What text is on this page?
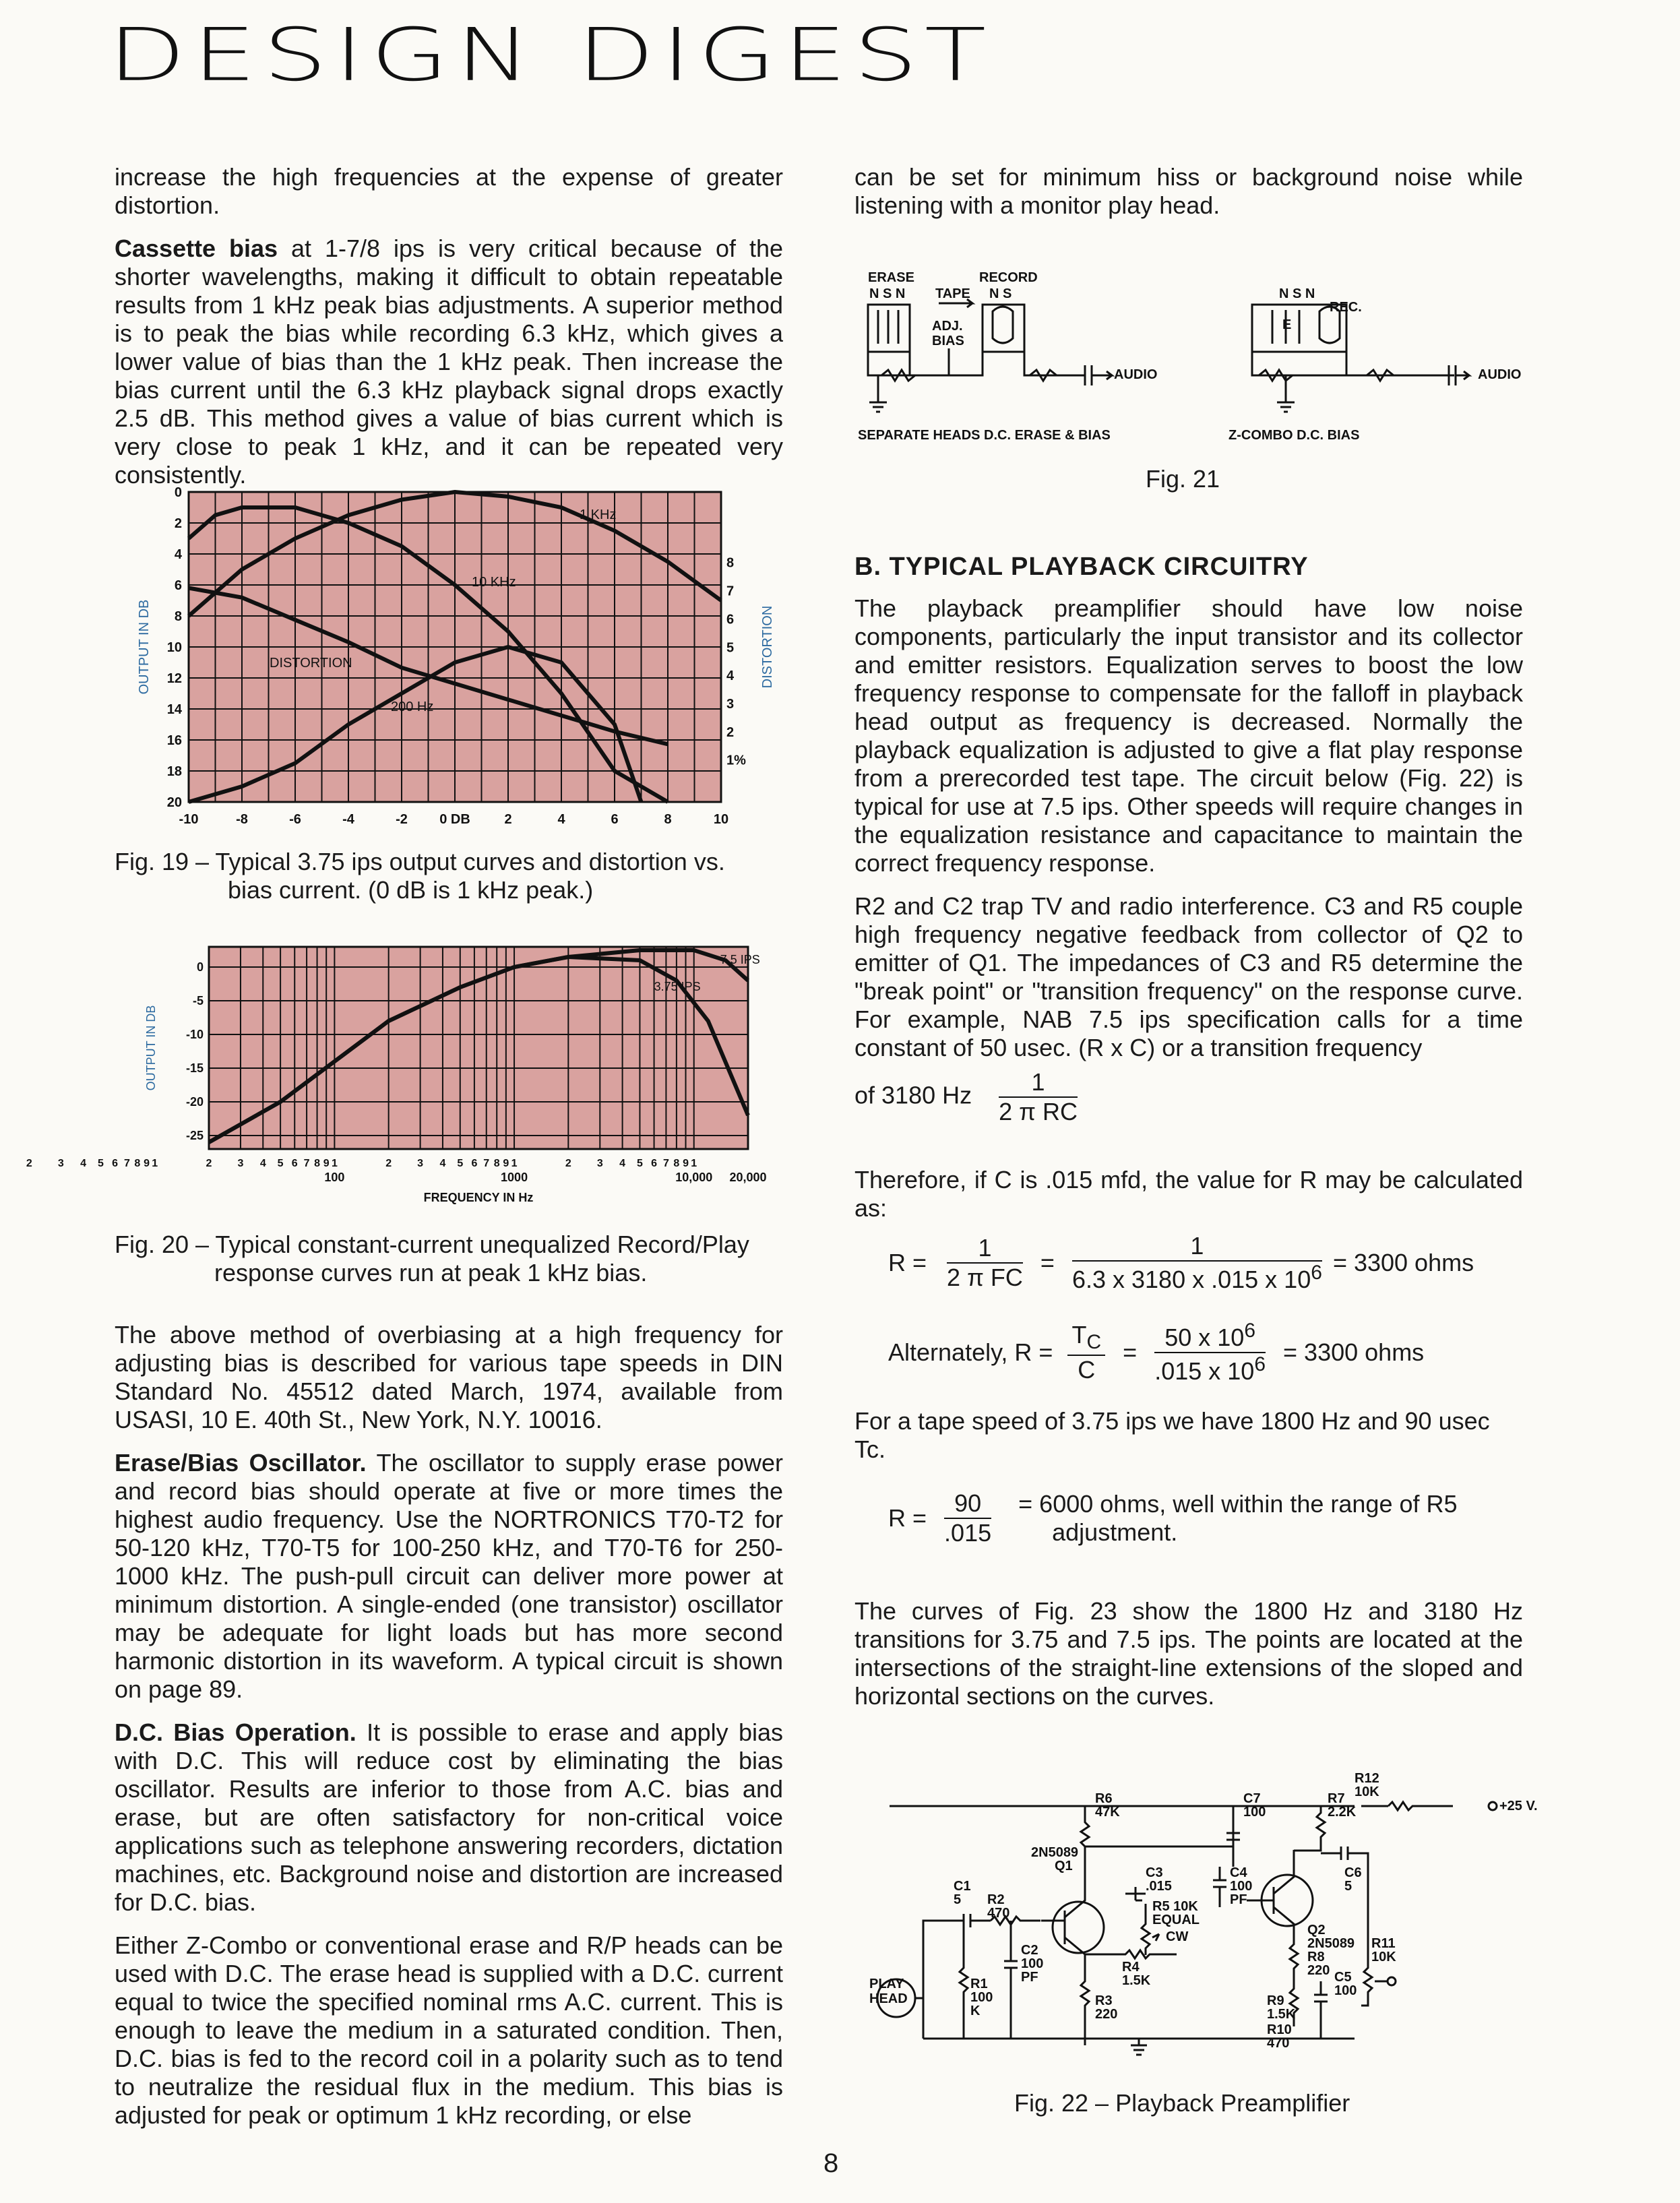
DESIGN DIGEST

increase the high frequencies at the expense of greater distortion.

Cassette bias at 1-7/8 ips is very critical because of the shorter wavelengths, making it difficult to obtain repeatable results from 1 kHz peak bias adjustments. A superior method is to peak the bias while recording 6.3 kHz, which gives a lower value of bias than the 1 kHz peak. Then increase the bias current until the 6.3 kHz playback signal drops exactly 2.5 dB. This method gives a value of bias current which is very close to peak 1 kHz, and it can be repeated very consistently.

-10	-8	-6	-4	-2 0 DB	2	4	6	8	10
0
2
4
6
8
10
12
14
16
18
20
8
7
6
5
4
3
2
1%
OUTPUT IN DB	DISTORTION
1 KHz
10 KHz
200 Hz
DISTORTION
Fig. 19 – Typical 3.75 ips output curves and distortion vs.
bias current. (0 dB is 1 kHz peak.)
0
-5
-10
-15
-20
-25
2 3 4 5 6 7 8 9 1	2 3 4 5 6 7 8 9 1	2 3 4 5 6 7 8 9 1	2 3 4 5 6 7 8 9 1
100	1000	10,000 20,000
FREQUENCY IN Hz
OUTPUT IN DB
7.5 IPS
3.75 IPS
Fig. 20 – Typical constant-current unequalized Record/Play
response curves run at peak 1 kHz bias.

The above method of overbiasing at a high frequency for adjusting bias is described for various tape speeds in DIN Standard No. 45512 dated March, 1974, available from USASI, 10 E. 40th St., New York, N.Y. 10016.

Erase/Bias Oscillator. The oscillator to supply erase power and record bias should operate at five or more times the highest audio frequency. Use the NORTRONICS T70-T2 for 50-120 kHz, T70-T5 for 100-250 kHz, and T70-T6 for 250-1000 kHz. The push-pull circuit can deliver more power at minimum distortion. A single-ended (one transistor) oscillator may be adequate for light loads but has more second harmonic distortion in its waveform. A typical circuit is shown on page 89.

D.C. Bias Operation. It is possible to erase and apply bias with D.C. This will reduce cost by eliminating the bias oscillator. Results are inferior to those from A.C. bias and erase, but are often satisfactory for non-critical voice applications such as telephone answering recorders, dictation machines, etc. Background noise and distortion are increased for D.C. bias.

Either Z-Combo or conventional erase and R/P heads can be used with D.C. The erase head is supplied with a D.C. current equal to twice the specified nominal rms A.C. current. This is enough to leave the medium in a saturated condition. Then, D.C. bias is fed to the record coil in a polarity such as to tend to neutralize the residual flux in the medium. This bias is adjusted for peak or optimum 1 kHz recording, or else

can be set for minimum hiss or background noise while listening with a monitor play head.

ERASE	RECORD
N S N TAPE N S
ADJ.
BIAS
AUDIO
SEPARATE HEADS D.C. ERASE & BIAS
N S N
E
REC.
AUDIO
Z-COMBO D.C. BIAS
Fig. 21

B. TYPICAL PLAYBACK CIRCUITRY

The playback preamplifier should have low noise components, particularly the input transistor and its collector and emitter resistors. Equalization serves to boost the low frequency response to compensate for the falloff in playback head output as frequency is decreased. Normally the playback equalization is adjusted to give a flat play response from a prerecorded test tape. The circuit below (Fig. 22) is typical for use at 7.5 ips. Other speeds will require changes in the equalization resistance and capacitance to maintain the correct frequency response.

R2 and C2 trap TV and radio interference. C3 and R5 couple high frequency negative feedback from collector of Q2 to emitter of Q1. The impedances of C3 and R5 determine the "break point" or "transition frequency" on the response curve. For example, NAB 7.5 ips specification calls for a time constant of 50 usec. (R x C) or a transition frequency

of 3180 Hz $\frac{1}{\text{2 π RC}}$

Therefore, if C is .015 mfd, the value for R may be calculated as:

$R = \frac{1}{\text{2 π FC}} = \frac{1}{6.3 x 3180 x .015 x 10^6} = 3300$ ohms
Alternately, $R = \frac{T_C}{C} = \frac{50 x 10^6}{.015 x 10^6} = 3300$ ohms

For a tape speed of 3.75 ips we have 1800 Hz and 90 usec
Tc.

$R = \frac{90}{.015}$
= 6000 ohms, well within the range of R5
adjustment.

The curves of Fig. 23 show the 1800 Hz and 3180 Hz transitions for 3.75 and 7.5 ips. The points are located at the intersections of the straight-line extensions of the sloped and horizontal sections on the curves.

R12
10K
+25 V.
R6
47K
C7
100
R7
2.2K
2N5089
Q1
C1
5 R2
470
C3
.015
R5 10K
EQUAL
CW
C4
100
PF
C6
5
Q2
2N5089
R8
220
C2
100
PF
R4
1.5K
R3
220
R1
100
K
PLAY
HEAD	R9
1.5K
R10
470
C5
100
R11
10K
Fig. 22 – Playback Preamplifier
8
